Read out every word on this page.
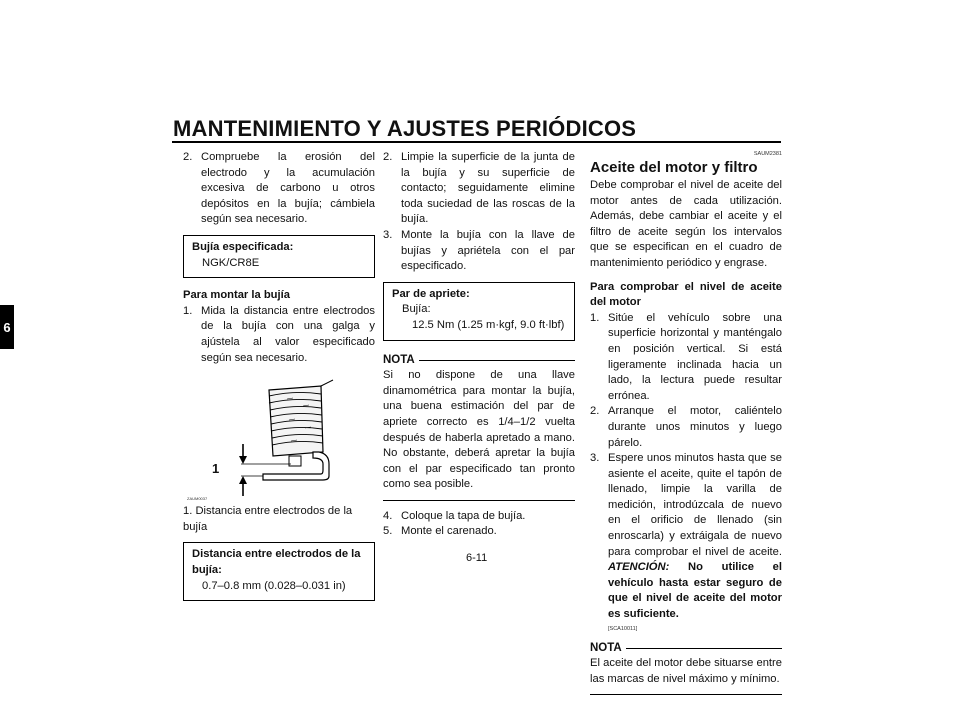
MANTENIMIENTO Y AJUSTES PERIÓDICOS
6
2. Compruebe la erosión del electrodo y la acumulación excesiva de carbono u otros depósitos en la bujía; cámbiela según sea necesario.
Bujía especificada:
NGK/CR8E
Para montar la bujía
1. Mida la distancia entre electrodos de la bujía con una galga y ajústela al valor especificado según sea necesario.
1
ZAUM0037
1. Distancia entre electrodos de la bujía
Distancia entre electrodos de la bujía:
0.7–0.8 mm (0.028–0.031 in)
2. Limpie la superficie de la junta de la bujía y su superficie de contacto; seguidamente elimine toda suciedad de las roscas de la bujía.
3. Monte la bujía con la llave de bujías y apriétela con el par especificado.
Par de apriete:
Bujía:
12.5 Nm (1.25 m·kgf, 9.0 ft·lbf)
NOTA
Si no dispone de una llave dinamométrica para montar la bujía, una buena estimación del par de apriete correcto es 1/4–1/2 vuelta después de haberla apretado a mano. No obstante, deberá apretar la bujía con el par especificado tan pronto como sea posible.
4. Coloque la tapa de bujía.
5. Monte el carenado.
SAUM2381
Aceite del motor y filtro
Debe comprobar el nivel de aceite del motor antes de cada utilización. Además, debe cambiar el aceite y el filtro de aceite según los intervalos que se especifican en el cuadro de mantenimiento periódico y engrase.
Para comprobar el nivel de aceite del motor
1. Sitúe el vehículo sobre una superficie horizontal y manténgalo en posición vertical. Si está ligeramente inclinada hacia un lado, la lectura puede resultar errónea.
2. Arranque el motor, caliéntelo durante unos minutos y luego párelo.
3. Espere unos minutos hasta que se asiente el aceite, quite el tapón de llenado, limpie la varilla de medición, introdúzcala de nuevo en el orificio de llenado (sin enroscarla) y extráigala de nuevo para comprobar el nivel de aceite. ATENCIÓN: No utilice el vehículo hasta estar seguro de que el nivel de aceite del motor es suficiente.
[SCA10011]
NOTA
El aceite del motor debe situarse entre las marcas de nivel máximo y mínimo.
6-11
